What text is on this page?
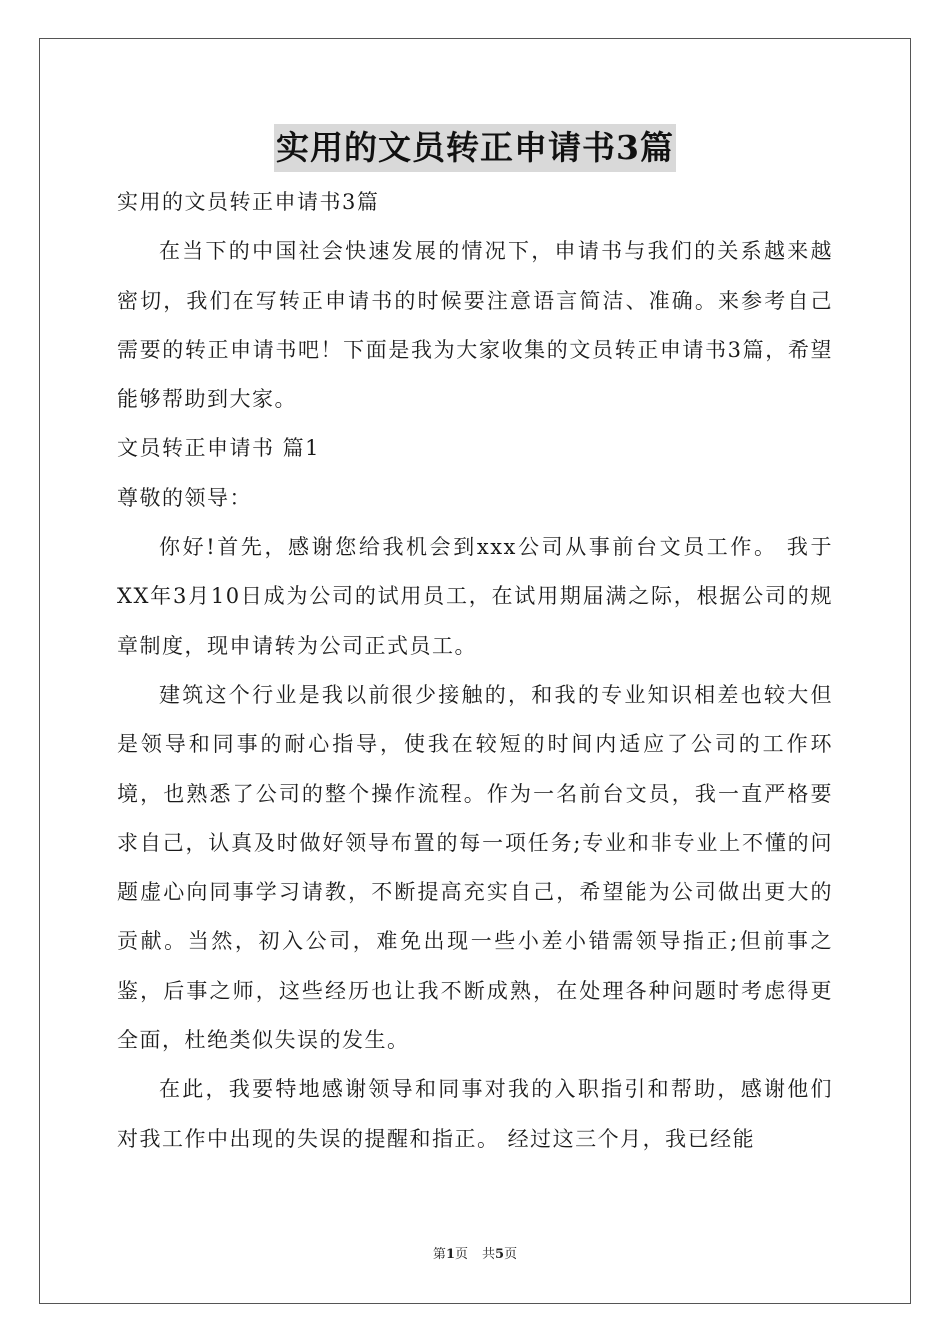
实用的文员转正申请书3篇

实用的文员转正申请书3篇

在当下的中国社会快速发展的情况下，申请书与我们的关系越来越密切，我们在写转正申请书的时候要注意语言简洁、准确。来参考自己需要的转正申请书吧！下面是我为大家收集的文员转正申请书3篇，希望能够帮助到大家。

文员转正申请书 篇1

尊敬的领导：

你好!首先，感谢您给我机会到xxx公司从事前台文员工作。 我于XX年3月10日成为公司的试用员工，在试用期届满之际，根据公司的规章制度，现申请转为公司正式员工。

建筑这个行业是我以前很少接触的，和我的专业知识相差也较大但是领导和同事的耐心指导，使我在较短的时间内适应了公司的工作环境，也熟悉了公司的整个操作流程。作为一名前台文员，我一直严格要求自己，认真及时做好领导布置的每一项任务;专业和非专业上不懂的问题虚心向同事学习请教，不断提高充实自己，希望能为公司做出更大的贡献。当然，初入公司，难免出现一些小差小错需领导指正;但前事之鉴，后事之师，这些经历也让我不断成熟，在处理各种问题时考虑得更全面，杜绝类似失误的发生。

在此，我要特地感谢领导和同事对我的入职指引和帮助，感谢他们对我工作中出现的失误的提醒和指正。 经过这三个月，我已经能

第1页 共5页
